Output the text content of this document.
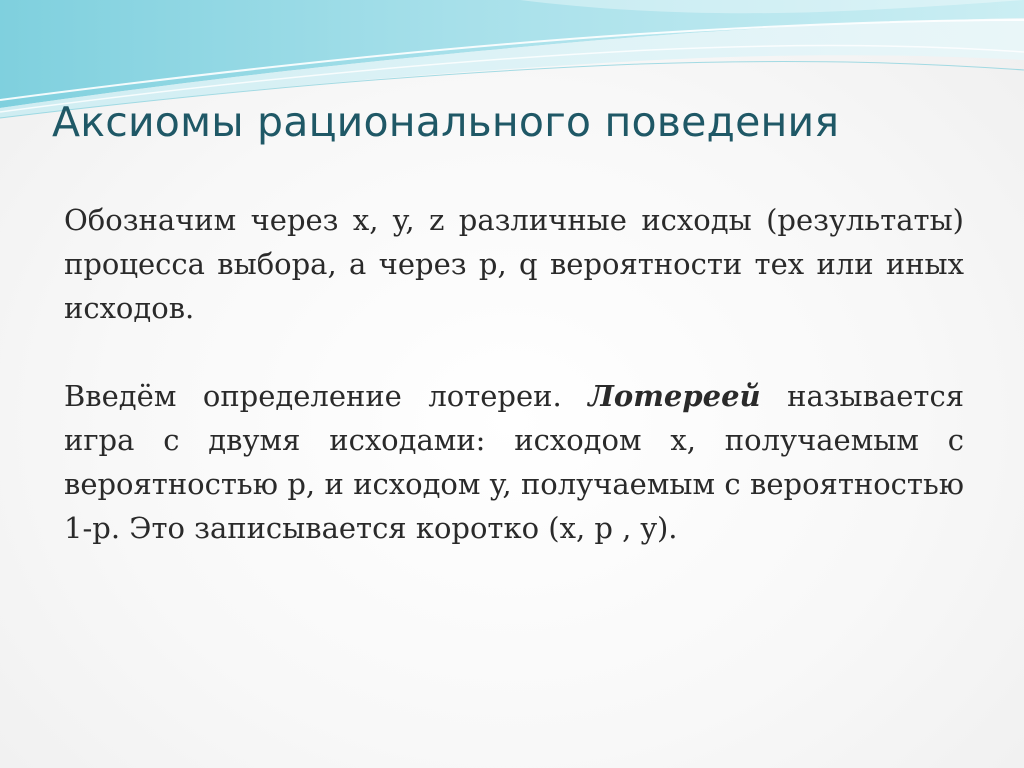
Аксиомы рационального поведения

Обозначим через x, y, z различные исходы (результаты) процесса выбора, а через p, q вероятности тех или иных исходов.

Введём определение лотереи. Лотереей называется игра с двумя исходами: исходом x, получаемым с вероятностью p, и исходом y, получаемым с вероятностью 1-p. Это записывается коротко (x, p , y).
